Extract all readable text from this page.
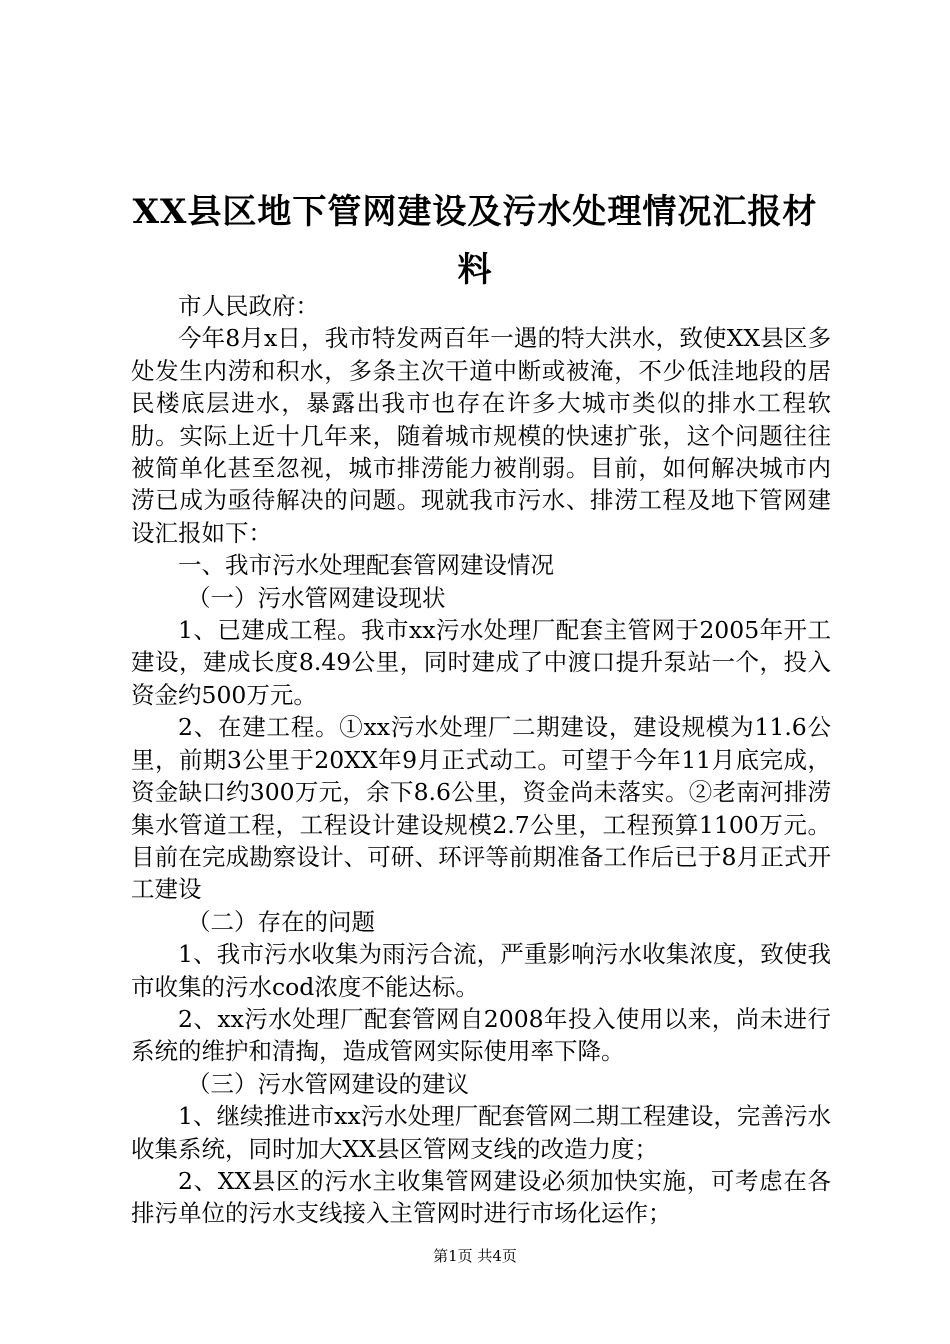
XX县区地下管网建设及污水处理情况汇报材料

市人民政府：

今年8月x日，我市特发两百年一遇的特大洪水，致使XX县区多处发生内涝和积水，多条主次干道中断或被淹，不少低洼地段的居民楼底层进水，暴露出我市也存在许多大城市类似的排水工程软肋。实际上近十几年来，随着城市规模的快速扩张，这个问题往往被简单化甚至忽视，城市排涝能力被削弱。目前，如何解决城市内涝已成为亟待解决的问题。现就我市污水、排涝工程及地下管网建设汇报如下：

一、我市污水处理配套管网建设情况

（一）污水管网建设现状

1、已建成工程。我市xx污水处理厂配套主管网于2005年开工建设，建成长度8.49公里，同时建成了中渡口提升泵站一个，投入资金约500万元。

2、在建工程。①xx污水处理厂二期建设，建设规模为11.6公里，前期3公里于20XX年9月正式动工。可望于今年11月底完成，资金缺口约300万元，余下8.6公里，资金尚未落实。②老南河排涝集水管道工程，工程设计建设规模2.7公里，工程预算1100万元。目前在完成勘察设计、可研、环评等前期准备工作后已于8月正式开工建设

（二）存在的问题

1、我市污水收集为雨污合流，严重影响污水收集浓度，致使我市收集的污水cod浓度不能达标。

2、xx污水处理厂配套管网自2008年投入使用以来，尚未进行系统的维护和清掏，造成管网实际使用率下降。

（三）污水管网建设的建议

1、继续推进市xx污水处理厂配套管网二期工程建设，完善污水收集系统，同时加大XX县区管网支线的改造力度；

2、XX县区的污水主收集管网建设必须加快实施，可考虑在各排污单位的污水支线接入主管网时进行市场化运作；

第1页 共4页
